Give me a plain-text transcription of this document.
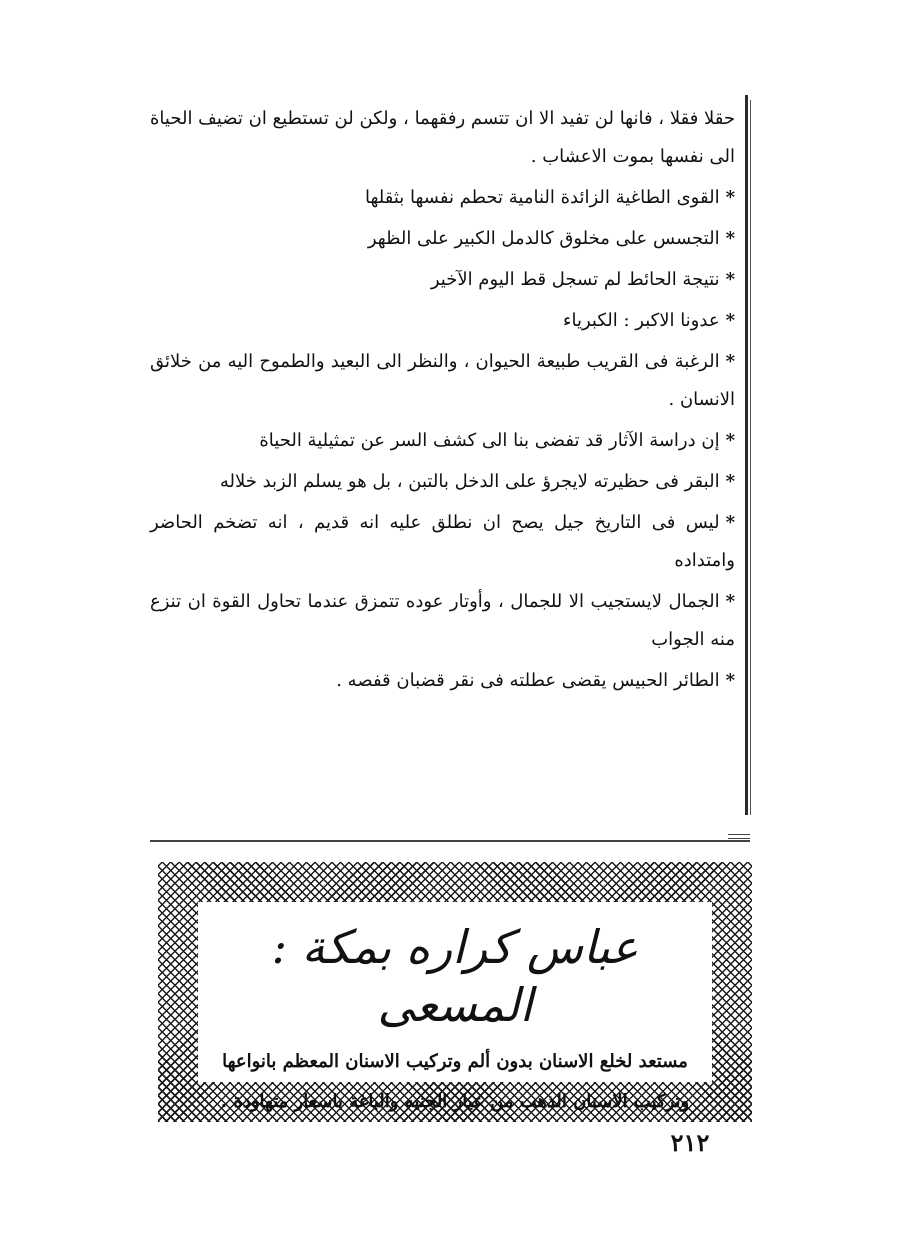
حقلا فقلا ، فانها لن تفيد الا ان تتسم رفقهما ، ولكن لن تستطيع ان تضيف الحياة الى نفسها بموت الاعشاب .

*القوى الطاغية الزائدة النامية تحطم نفسها بثقلها

*التجسس على مخلوق كالدمل الكبير على الظهر

*نتيجة الحائط لم تسجل قط اليوم الآخير

*عدونا الاكبر : الكبرياء

*الرغبة فى القريب طبيعة الحيوان ، والنظر الى البعيد والطموح اليه من خلائق الانسان .

*إن دراسة الآثار قد تفضى بنا الى كشف السر عن تمثيلية الحياة

*البقر فى حظيرته لايجرؤ على الدخل بالتبن ، بل هو يسلم الزبد خلاله

*ليس فى التاريخ جيل يصح ان نطلق عليه انه قديم ، انه تضخم الحاضر وامتداده

*الجمال لايستجيب الا للجمال ، وأوتار عوده تتمزق عندما تحاول القوة ان تنزع منه الجواب

*الطائر الحبيس يقضى عطلته فى نقر قضبان قفصه .

عباس كراره بمكة : المسعى

مستعد لخلع الاسنان بدون ألم وتركيب الاسنان المعظم بانواعها

وتركيب الاسنان الذهب من عيار الجنيه والباغة باسعار متهاودة .

٢١٢
